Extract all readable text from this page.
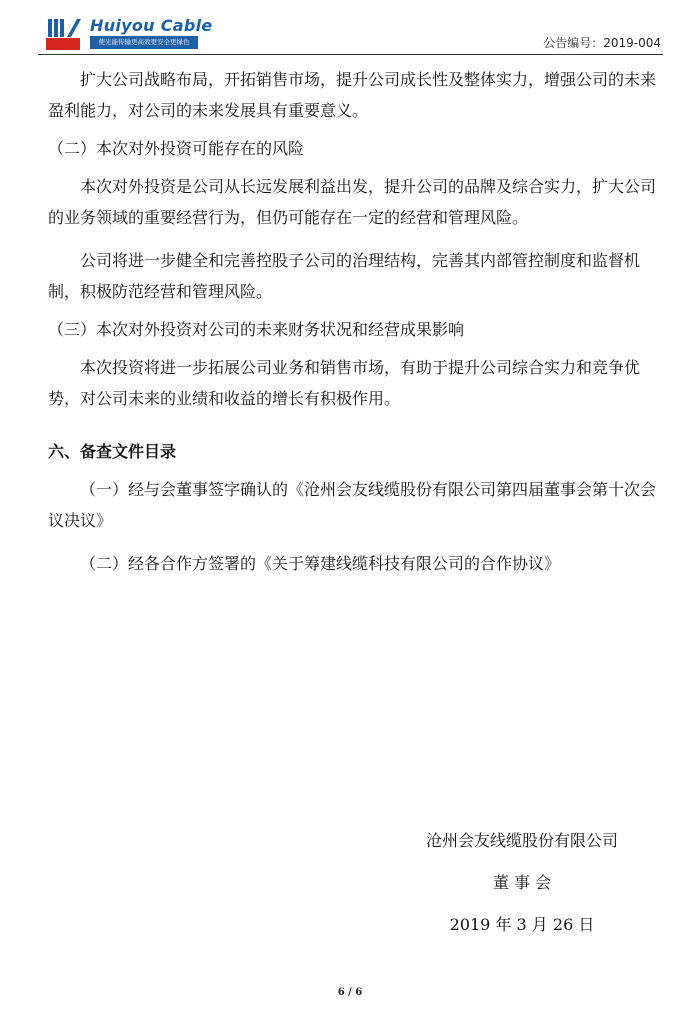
Huiyou Cable
使光能传输更高效更安全更绿色	公告编号：2019-004

扩大公司战略布局，开拓销售市场，提升公司成长性及整体实力，增强公司的未来盈利能力，对公司的未来发展具有重要意义。

（二）本次对外投资可能存在的风险

本次对外投资是公司从长远发展利益出发，提升公司的品牌及综合实力，扩大公司的业务领域的重要经营行为，但仍可能存在一定的经营和管理风险。

公司将进一步健全和完善控股子公司的治理结构，完善其内部管控制度和监督机制，积极防范经营和管理风险。

（三）本次对外投资对公司的未来财务状况和经营成果影响

本次投资将进一步拓展公司业务和销售市场，有助于提升公司综合实力和竞争优势，对公司未来的业绩和收益的增长有积极作用。

六、备查文件目录

（一）经与会董事签字确认的《沧州会友线缆股份有限公司第四届董事会第十次会议决议》

（二）经各合作方签署的《关于筹建线缆科技有限公司的合作协议》

沧州会友线缆股份有限公司
董 事 会
2019 年 3 月 26 日
6 / 6
